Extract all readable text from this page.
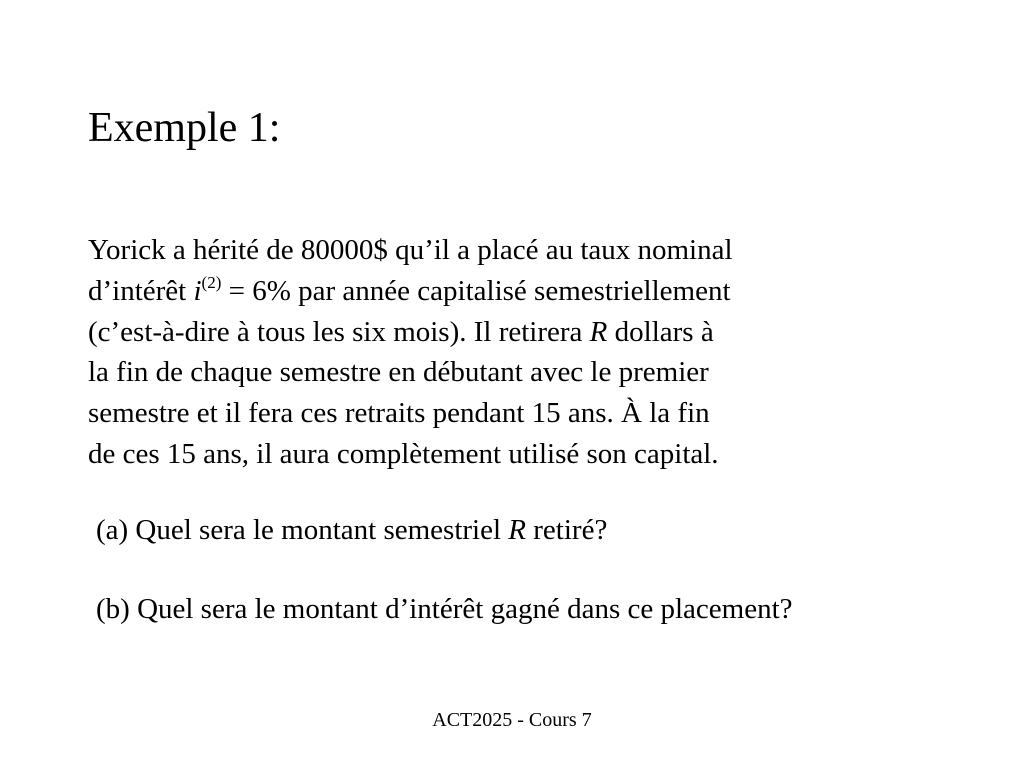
Exemple 1:
Yorick a hérité de 80000$ qu’il a placé au taux nominal
d’intérêt $i^{(2)} = 6\%$ par année capitalisé semestriellement
(c’est-à-dire à tous les six mois). Il retirera R dollars à
la fin de chaque semestre en débutant avec le premier
semestre et il fera ces retraits pendant 15 ans. À la fin
de ces 15 ans, il aura complètement utilisé son capital.

(a) Quel sera le montant semestriel R retiré?

(b) Quel sera le montant d’intérêt gagné dans ce placement?

ACT2025 - Cours 7
